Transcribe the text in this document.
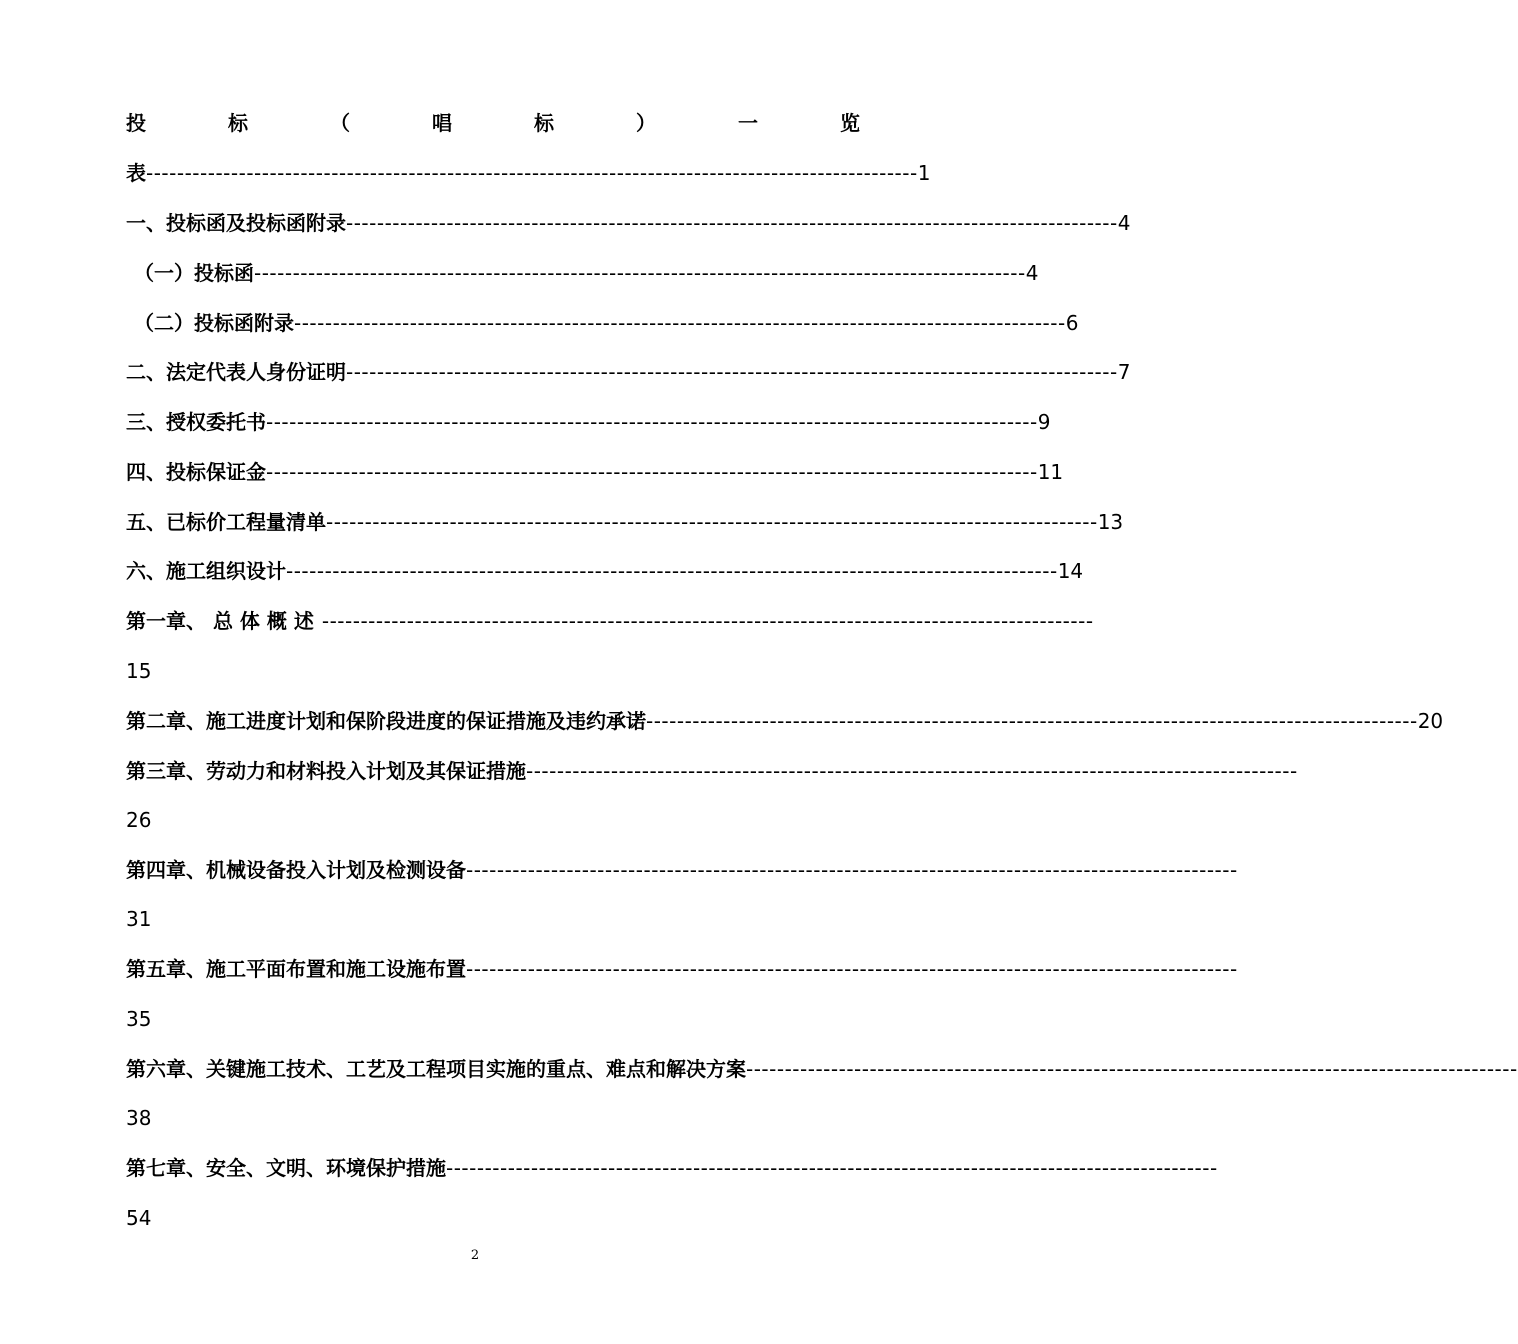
投	标	（	唱	标	）	一	览
表 ---------------------------------------------------------------------------------------------------- 1
一、投标函及投标函附录 ---------------------------------------------------------------------------------------------------- 4
（一）投标函 ---------------------------------------------------------------------------------------------------- 4
（二）投标函附录 ---------------------------------------------------------------------------------------------------- 6
二、法定代表人身份证明 ---------------------------------------------------------------------------------------------------- 7
三、授权委托书 ---------------------------------------------------------------------------------------------------- 9
四、投标保证金 ---------------------------------------------------------------------------------------------------- 11
五、已标价工程量清单 ---------------------------------------------------------------------------------------------------- 13
六、施工组织设计 ---------------------------------------------------------------------------------------------------- 14
第一章、 总 体 概 述 ----------------------------------------------------------------------------------------------------
15
第二章、施工进度计划和保阶段进度的保证措施及违约承诺 ---------------------------------------------------------------------------------------------------- 20
第三章、劳动力和材料投入计划及其保证措施 ----------------------------------------------------------------------------------------------------
26
第四章、机械设备投入计划及检测设备 ----------------------------------------------------------------------------------------------------
31
第五章、施工平面布置和施工设施布置 ----------------------------------------------------------------------------------------------------
35
第六章、关键施工技术、工艺及工程项目实施的重点、难点和解决方案 ----------------------------------------------------------------------------------------------------
38
第七章、安全、文明、环境保护措施 ----------------------------------------------------------------------------------------------------
54
2
